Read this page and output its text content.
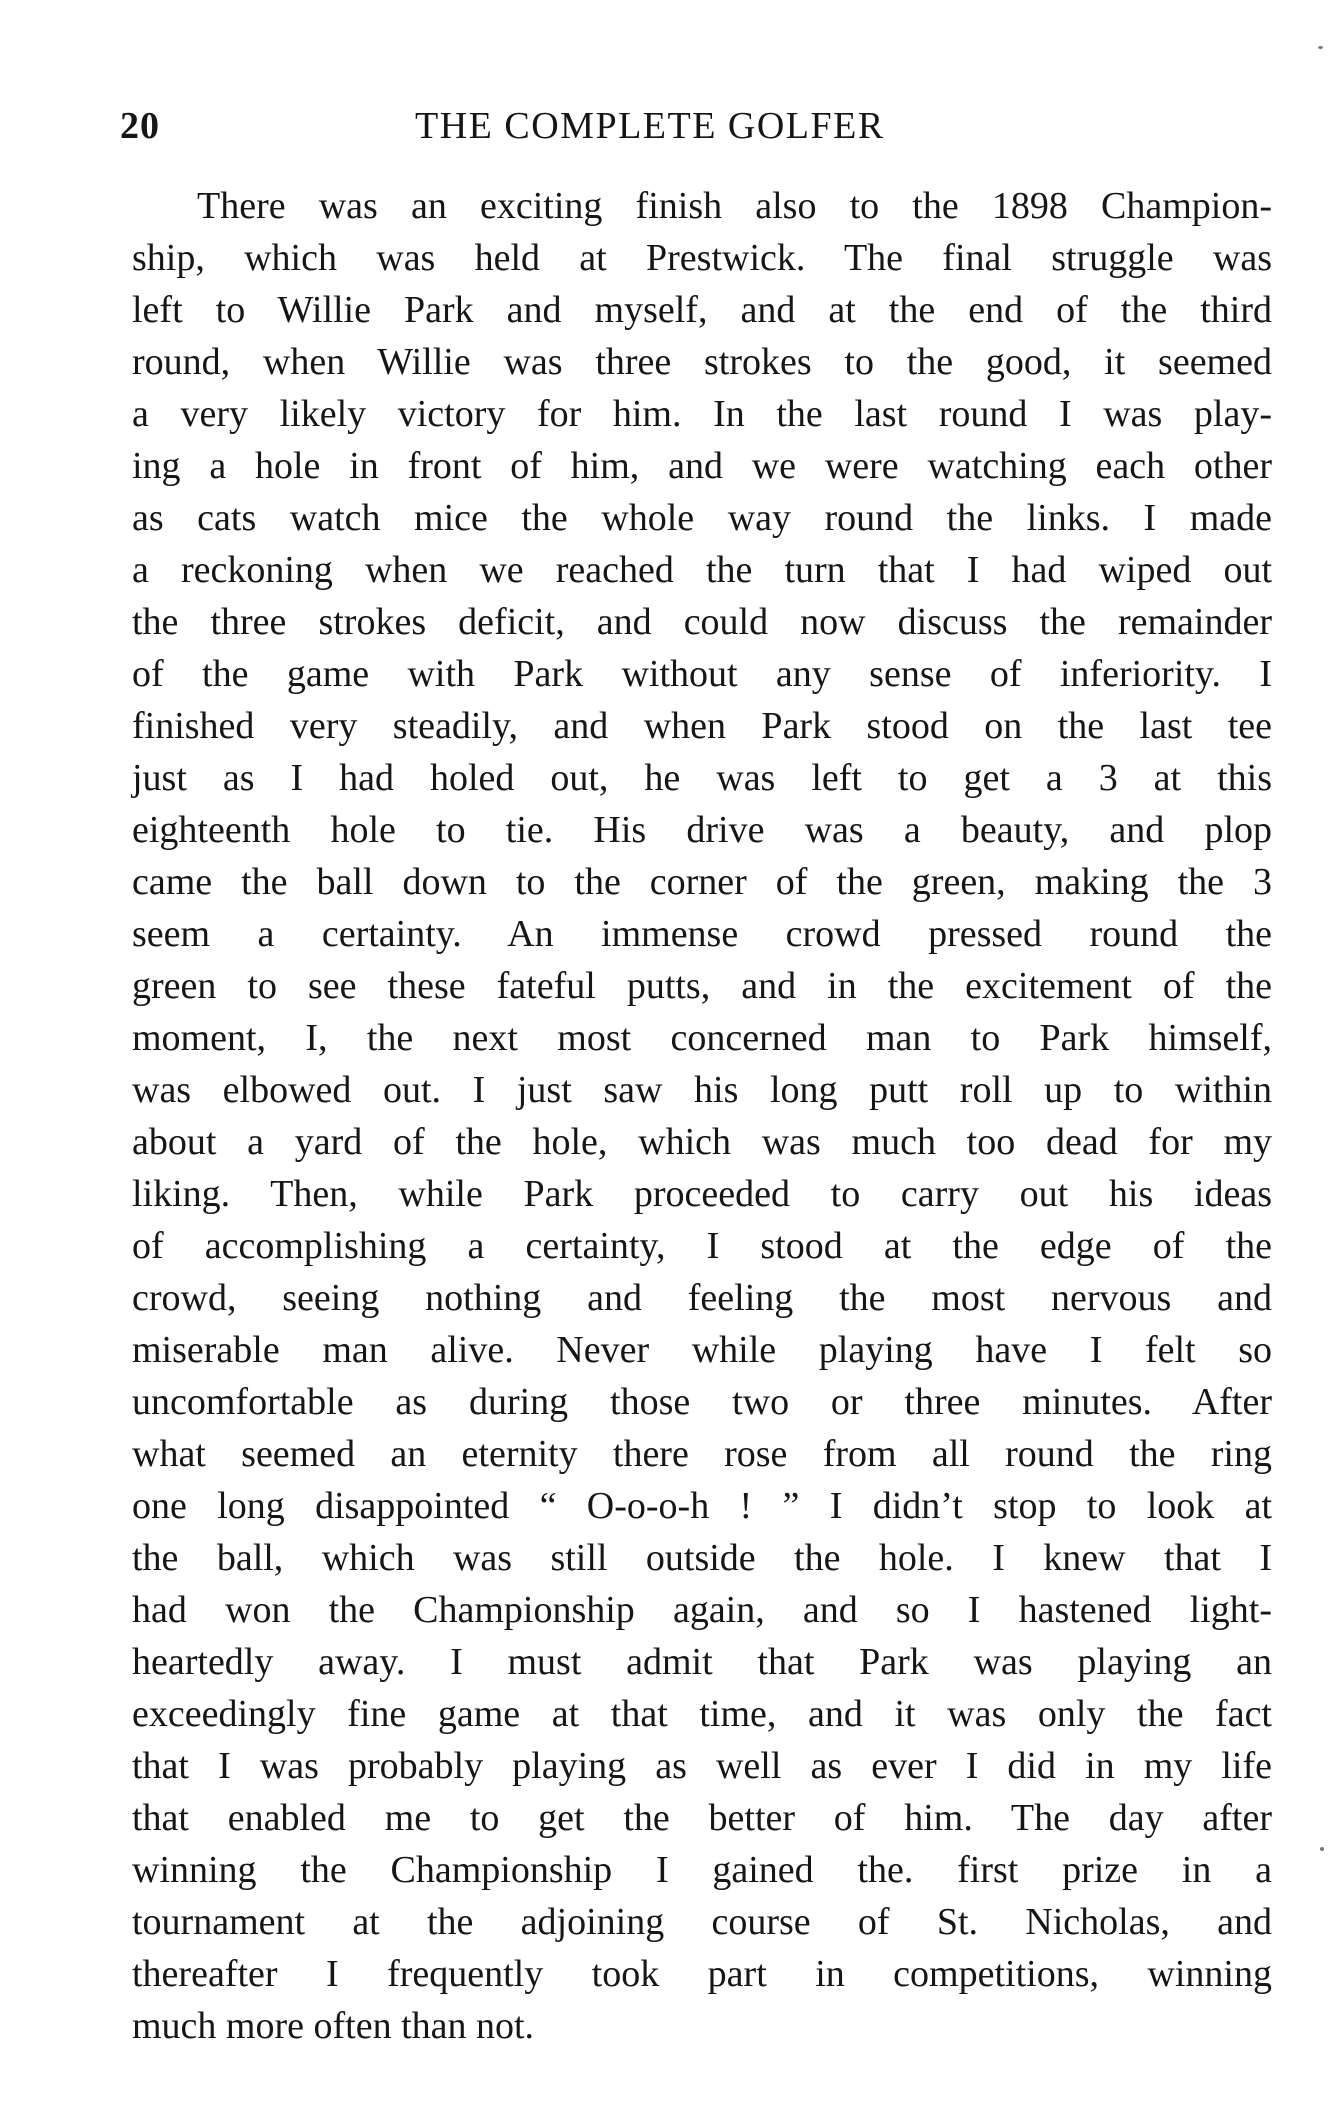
20	THE COMPLETE GOLFER
There was an exciting finish also to the 1898 Champion-
ship, which was held at Prestwick. The final struggle was
left to Willie Park and myself, and at the end of the third
round, when Willie was three strokes to the good, it seemed
a very likely victory for him. In the last round I was play-
ing a hole in front of him, and we were watching each other
as cats watch mice the whole way round the links. I made
a reckoning when we reached the turn that I had wiped out
the three strokes deficit, and could now discuss the remainder
of the game with Park without any sense of inferiority. I
finished very steadily, and when Park stood on the last tee
just as I had holed out, he was left to get a 3 at this
eighteenth hole to tie. His drive was a beauty, and plop
came the ball down to the corner of the green, making the 3
seem a certainty. An immense crowd pressed round the
green to see these fateful putts, and in the excitement of the
moment, I, the next most concerned man to Park himself,
was elbowed out. I just saw his long putt roll up to within
about a yard of the hole, which was much too dead for my
liking. Then, while Park proceeded to carry out his ideas
of accomplishing a certainty, I stood at the edge of the
crowd, seeing nothing and feeling the most nervous and
miserable man alive. Never while playing have I felt so
uncomfortable as during those two or three minutes. After
what seemed an eternity there rose from all round the ring
one long disappointed “ O-o-o-h ! ” I didn’t stop to look at
the ball, which was still outside the hole. I knew that I
had won the Championship again, and so I hastened light-
heartedly away. I must admit that Park was playing an
exceedingly fine game at that time, and it was only the fact
that I was probably playing as well as ever I did in my life
that enabled me to get the better of him. The day after
winning the Championship I gained the. first prize in a
tournament at the adjoining course of St. Nicholas, and
thereafter I frequently took part in competitions, winning
much more often than not.
